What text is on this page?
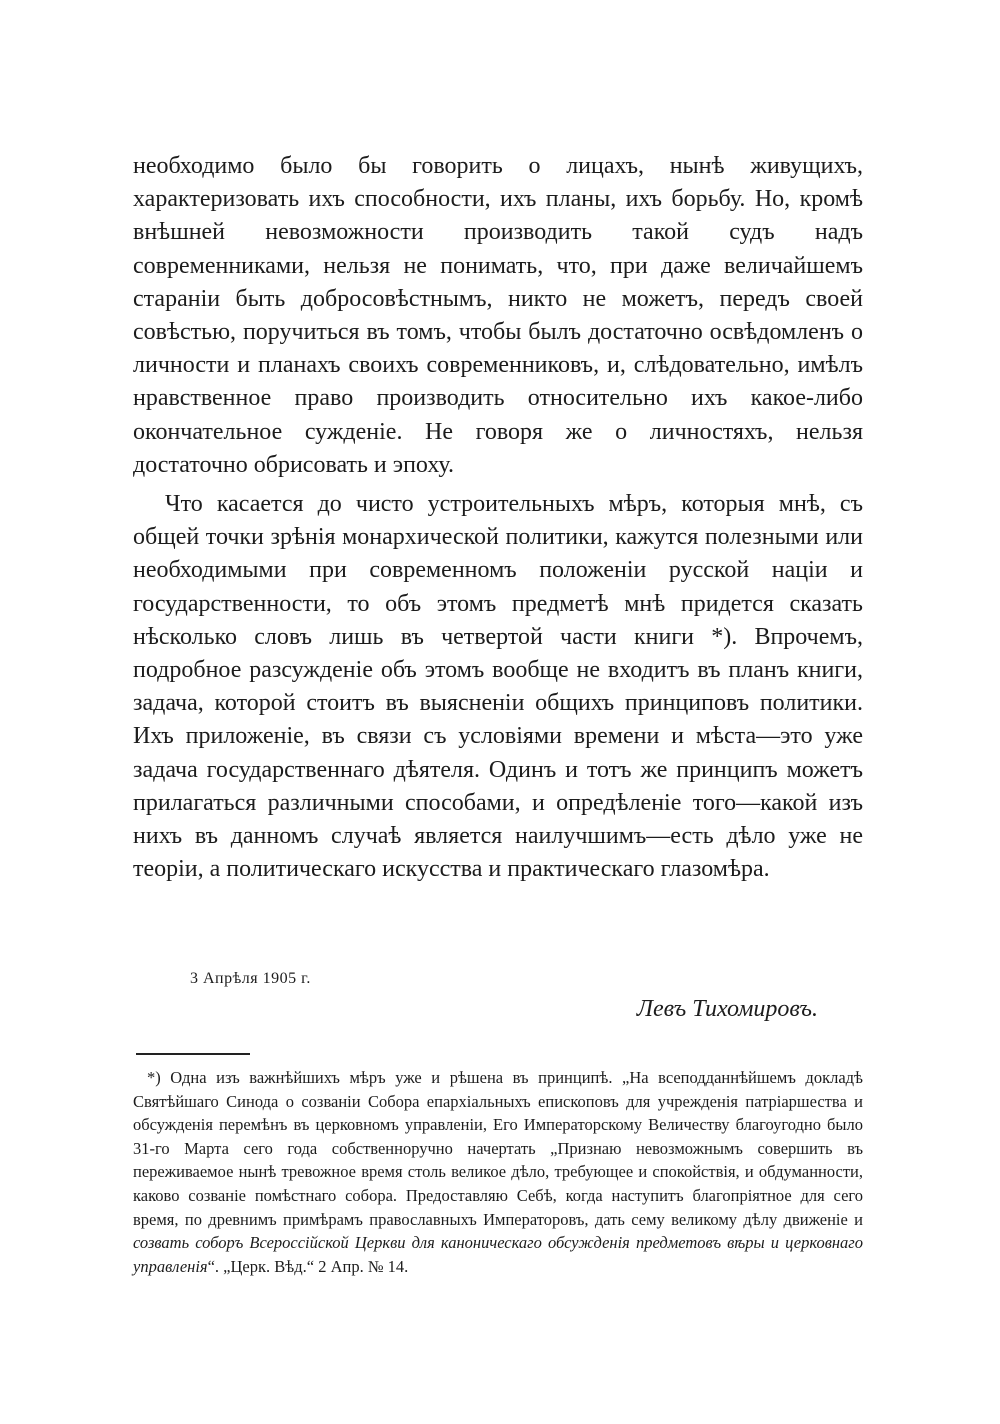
необходимо было бы говорить о лицахъ, нынѣ живущихъ, характеризовать ихъ способности, ихъ планы, ихъ борьбу. Но, кромѣ внѣшней невозможности производить такой судъ надъ современниками, нельзя не понимать, что, при даже величайшемъ стараніи быть добросовѣстнымъ, никто не можетъ, передъ своей совѣстью, поручиться въ томъ, чтобы былъ достаточно освѣдомленъ о личности и планахъ своихъ современниковъ, и, слѣдовательно, имѣлъ нравственное право производить относительно ихъ какое-либо окончательное сужденіе. Не говоря же о личностяхъ, нельзя достаточно обрисовать и эпоху.

Что касается до чисто устроительныхъ мѣръ, которыя мнѣ, съ общей точки зрѣнія монархической политики, кажутся полезными или необходимыми при современномъ положеніи русской націи и государственности, то объ этомъ предметѣ мнѣ придется сказать нѣсколько словъ лишь въ четвертой части книги *). Впрочемъ, подробное разсужденіе объ этомъ вообще не входитъ въ планъ книги, задача, которой стоитъ въ выясненіи общихъ принциповъ политики. Ихъ приложеніе, въ связи съ условіями времени и мѣста—это уже задача государственнаго дѣятеля. Одинъ и тотъ же принципъ можетъ прилагаться различными способами, и опредѣленіе того—какой изъ нихъ въ данномъ случаѣ является наилучшимъ—есть дѣло уже не теоріи, а политическаго искусства и практическаго глазомѣра.

3 Апрѣля 1905 г.
Левъ Тихомировъ.

*) Одна изъ важнѣйшихъ мѣръ уже и рѣшена въ принципѣ. „На всеподданнѣйшемъ докладѣ Святѣйшаго Синода о созваніи Собора епархіальныхъ епископовъ для учрежденія патріаршества и обсужденія перемѣнъ въ церковномъ управленіи, Его Императорскому Величеству благоугодно было 31-го Марта сего года собственноручно начертать „Признаю невозможнымъ совершить въ переживаемое нынѣ тревожное время столь великое дѣло, требующее и спокойствія, и обдуманности, каково созваніе помѣстнаго собора. Предоставляю Себѣ, когда наступитъ благопріятное для сего время, по древнимъ примѣрамъ православныхъ Императоровъ, дать сему великому дѣлу движеніе и созвать соборъ Всероссійской Церкви для каноническаго обсужденія предметовъ вѣры и церковнаго управленія“. „Церк. Вѣд.“ 2 Апр. № 14.
